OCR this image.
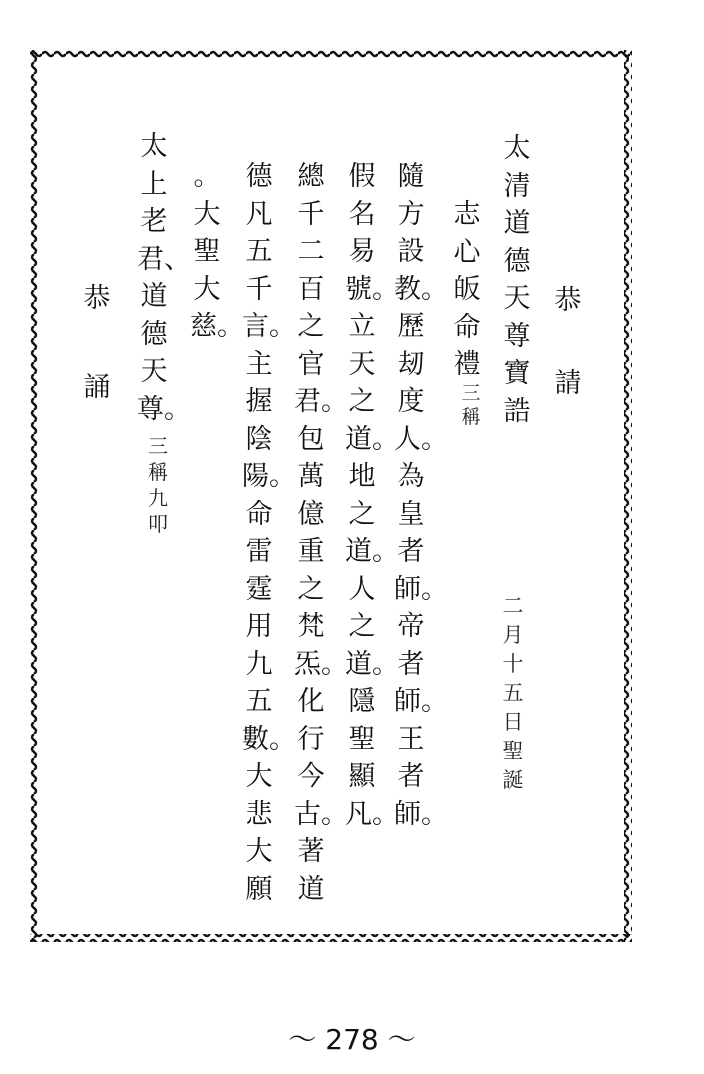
恭
請
太清道德天尊寶誥
志心皈命禮
三稱
二月十五日聖誕
隨方設教。歷刼度人。為皇者師。帝者師。王者師。
假名易號。立天之道。地之道。人之道。隱聖顯凡。
總千二百之官君。包萬億重之梵炁。化行今古。著道
德凡五千言。主握陰陽。命雷霆用九五數。大悲大願
。大聖大慈。
太上老君、道德天尊。
三稱九叩
恭
誦
～ 278 ～
